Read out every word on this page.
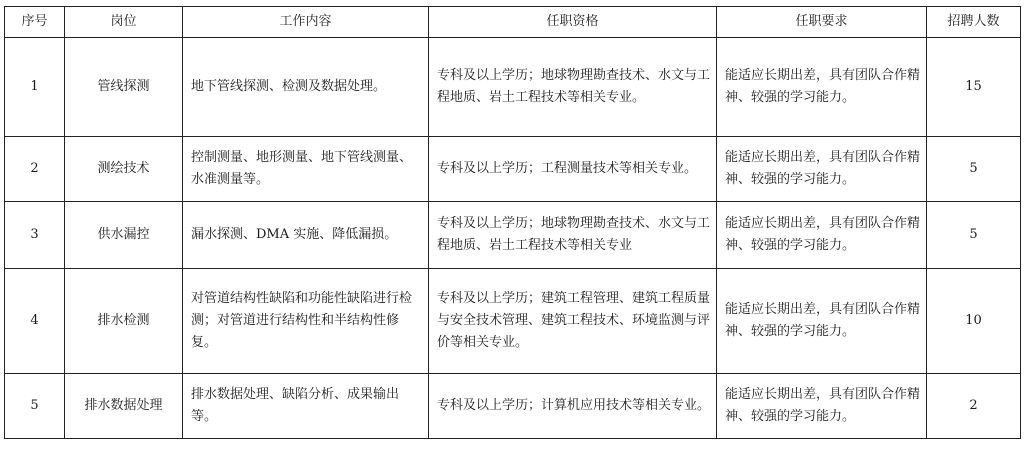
序号	岗位	工作内容	任职资格	任职要求	招聘人数
1	管线探测	地下管线探测、检测及数据处理。	专科及以上学历；地球物理勘查技术、水文与工程地质、岩土工程技术等相关专业。	能适应长期出差，具有团队合作精神、较强的学习能力。	15
2	测绘技术	控制测量、地形测量、地下管线测量、水准测量等。	专科及以上学历；工程测量技术等相关专业。	能适应长期出差，具有团队合作精神、较强的学习能力。	5
3	供水漏控	漏水探测、DMA 实施、降低漏损。	专科及以上学历；地球物理勘查技术、水文与工程地质、岩土工程技术等相关专业	能适应长期出差，具有团队合作精神、较强的学习能力。	5
4	排水检测	对管道结构性缺陷和功能性缺陷进行检测；对管道进行结构性和半结构性修复。	专科及以上学历；建筑工程管理、建筑工程质量与安全技术管理、建筑工程技术、环境监测与评价等相关专业。	能适应长期出差，具有团队合作精神、较强的学习能力。	10
5	排水数据处理	排水数据处理、缺陷分析、成果输出等。	专科及以上学历；计算机应用技术等相关专业。	能适应长期出差，具有团队合作精神、较强的学习能力。	2
